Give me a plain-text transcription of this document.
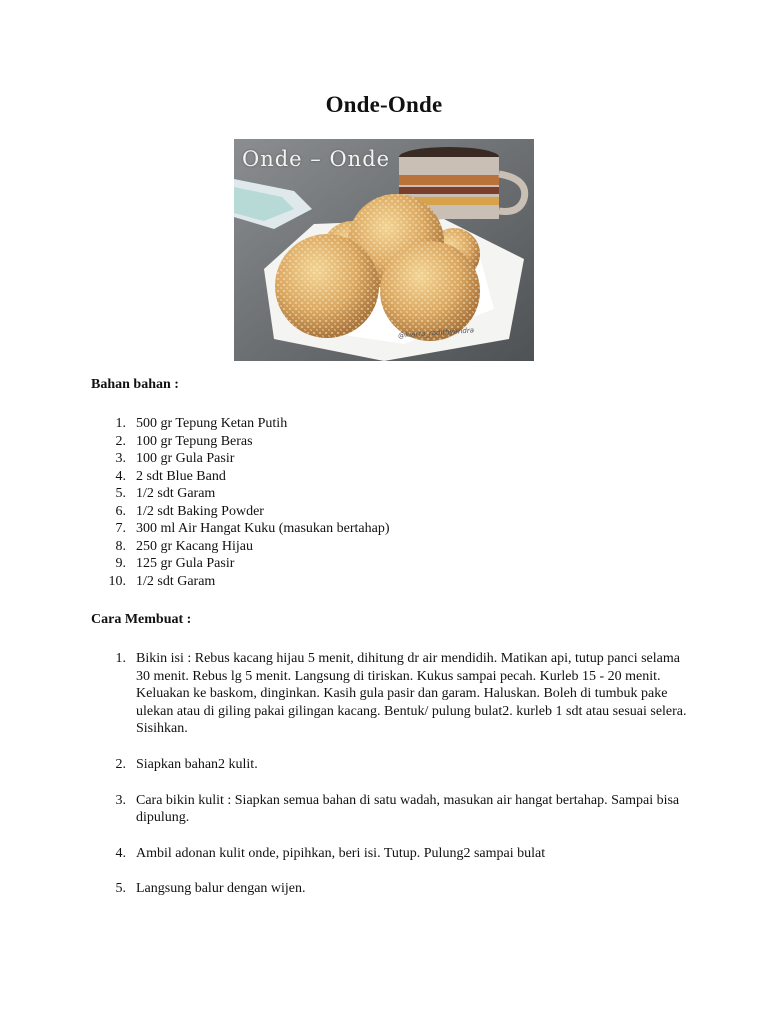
Onde-Onde
Onde – Onde
@kiarra_radithyandra
Bahan bahan :
1. 500 gr Tepung Ketan Putih
2. 100 gr Tepung Beras
3. 100 gr Gula Pasir
4. 2 sdt Blue Band
5. 1/2 sdt Garam
6. 1/2 sdt Baking Powder
7. 300 ml Air Hangat Kuku (masukan bertahap)
8. 250 gr Kacang Hijau
9. 125 gr Gula Pasir
10. 1/2 sdt Garam
Cara Membuat :
1. Bikin isi : Rebus kacang hijau 5 menit, dihitung dr air mendidih. Matikan api, tutup panci selama 30 menit. Rebus lg 5 menit. Langsung di tiriskan. Kukus sampai pecah. Kurleb 15 - 20 menit. Keluakan ke baskom, dinginkan. Kasih gula pasir dan garam. Haluskan. Boleh di tumbuk pake ulekan atau di giling pakai gilingan kacang. Bentuk/ pulung bulat2. kurleb 1 sdt atau sesuai selera. Sisihkan.
2. Siapkan bahan2 kulit.
3. Cara bikin kulit : Siapkan semua bahan di satu wadah, masukan air hangat bertahap. Sampai bisa dipulung.
4. Ambil adonan kulit onde, pipihkan, beri isi. Tutup. Pulung2 sampai bulat
5. Langsung balur dengan wijen.
